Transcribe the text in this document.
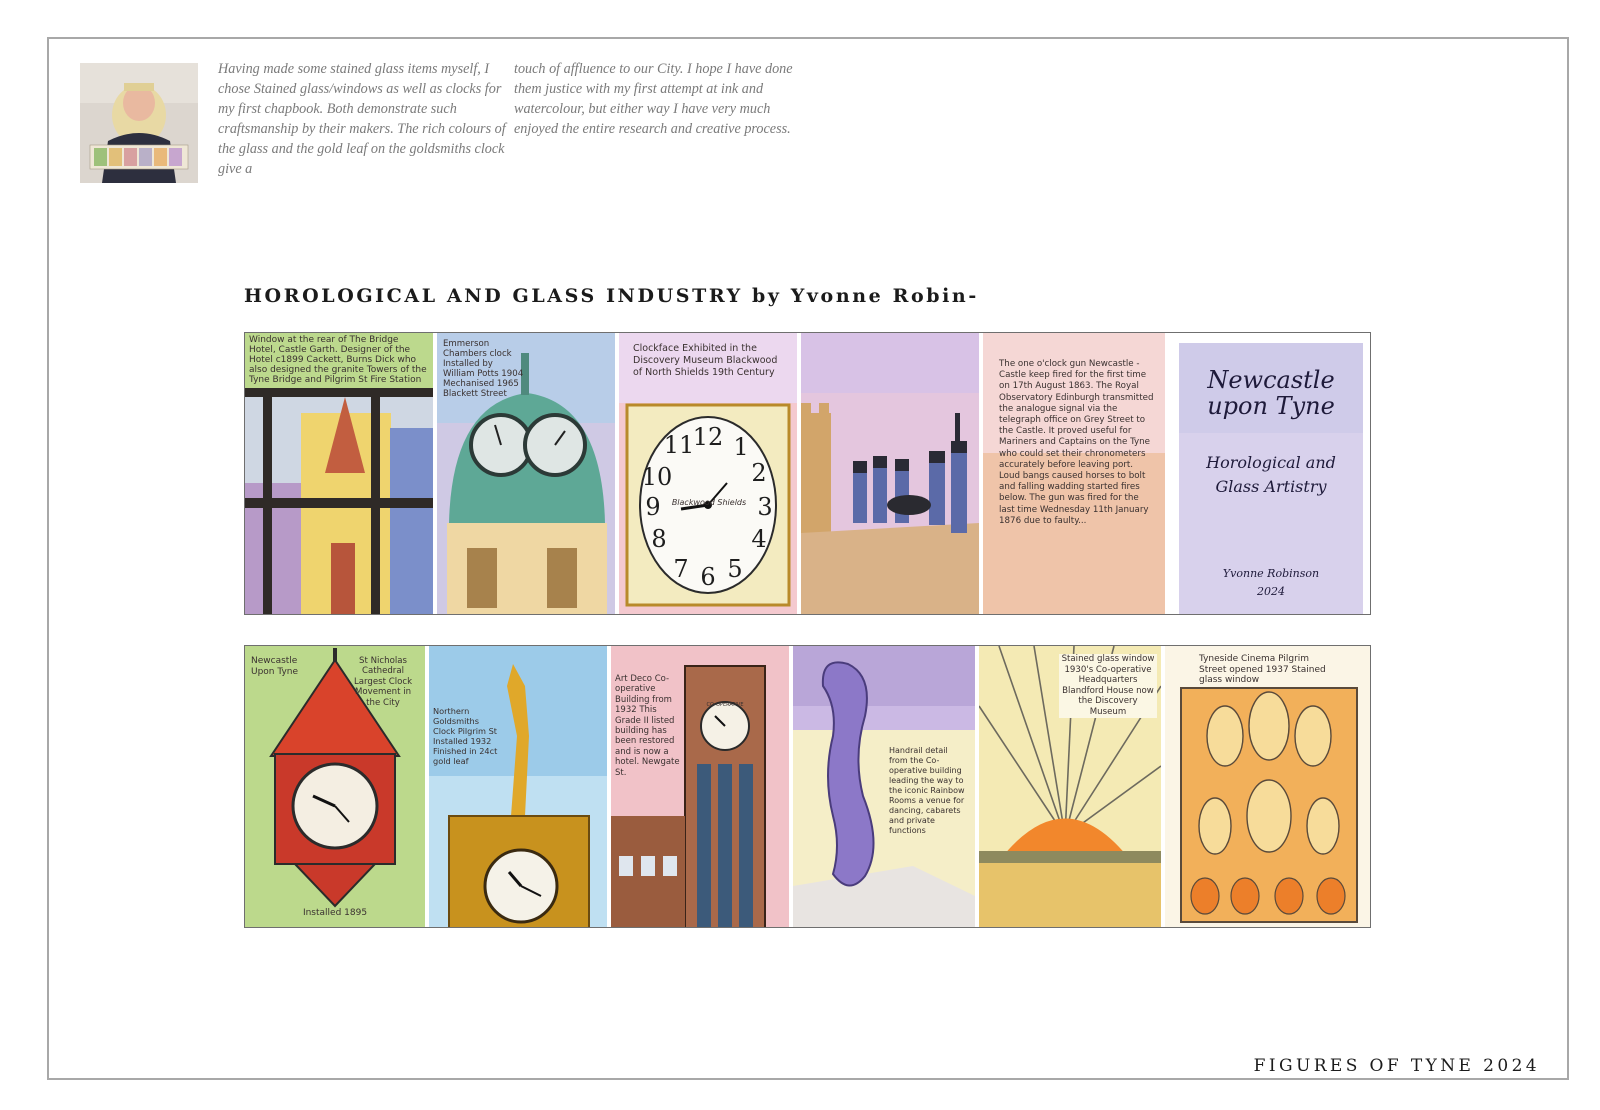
Having made some stained glass items myself, I chose Stained glass/windows as well as clocks for my first chapbook. Both demonstrate such craftsmanship by their makers. The rich colours of the glass and the gold leaf on the goldsmiths clock give a

touch of affluence to our City. I hope I have done them justice with my first attempt at ink and watercolour, but either way I have very much enjoyed the entire research and creative process.

HOROLOGICAL AND GLASS INDUSTRY by Yvonne Robin-

Window at the rear of The Bridge Hotel, Castle Garth. Designer of the Hotel c1899 Cackett, Burns Dick who also designed the granite Towers of the Tyne Bridge and Pilgrim St Fire Station

Emmerson Chambers clock Installed by William Potts 1904 Mechanised 1965 Blackett Street

12
11 1
10	2
9	3
8	4
7 6 5

Clockface Exhibited in the Discovery Museum Blackwood of North Shields 19th Century

Blackwood Shields

The one o'clock gun Newcastle - Castle keep fired for the first time on 17th August 1863. The Royal Observatory Edinburgh transmitted the analogue signal via the telegraph office on Grey Street to the Castle. It proved useful for Mariners and Captains on the Tyne who could set their chronometers accurately before leaving port. Loud bangs caused horses to bolt and falling wadding started fires below. The gun was fired for the last time Wednesday 11th January 1876 due to faulty...

Newcastle upon Tyne

Horological and Glass Artistry

Yvonne Robinson

2024

Newcastle Upon Tyne

St Nicholas Cathedral Largest Clock Movement in the City

Installed 1895

Northern Goldsmiths Clock Pilgrim St Installed 1932 Finished in 24ct gold leaf

Art Deco Co-operative Building from 1932 This Grade II listed building has been restored and is now a hotel. Newgate St.

CO-OPERATIVE

Handrail detail from the Co-operative building leading the way to the iconic Rainbow Rooms a venue for dancing, cabarets and private functions

Stained glass window 1930's Co-operative Headquarters Blandford House now the Discovery Museum

Tyneside Cinema Pilgrim Street opened 1937 Stained glass window

FIGURES OF TYNE 2024
